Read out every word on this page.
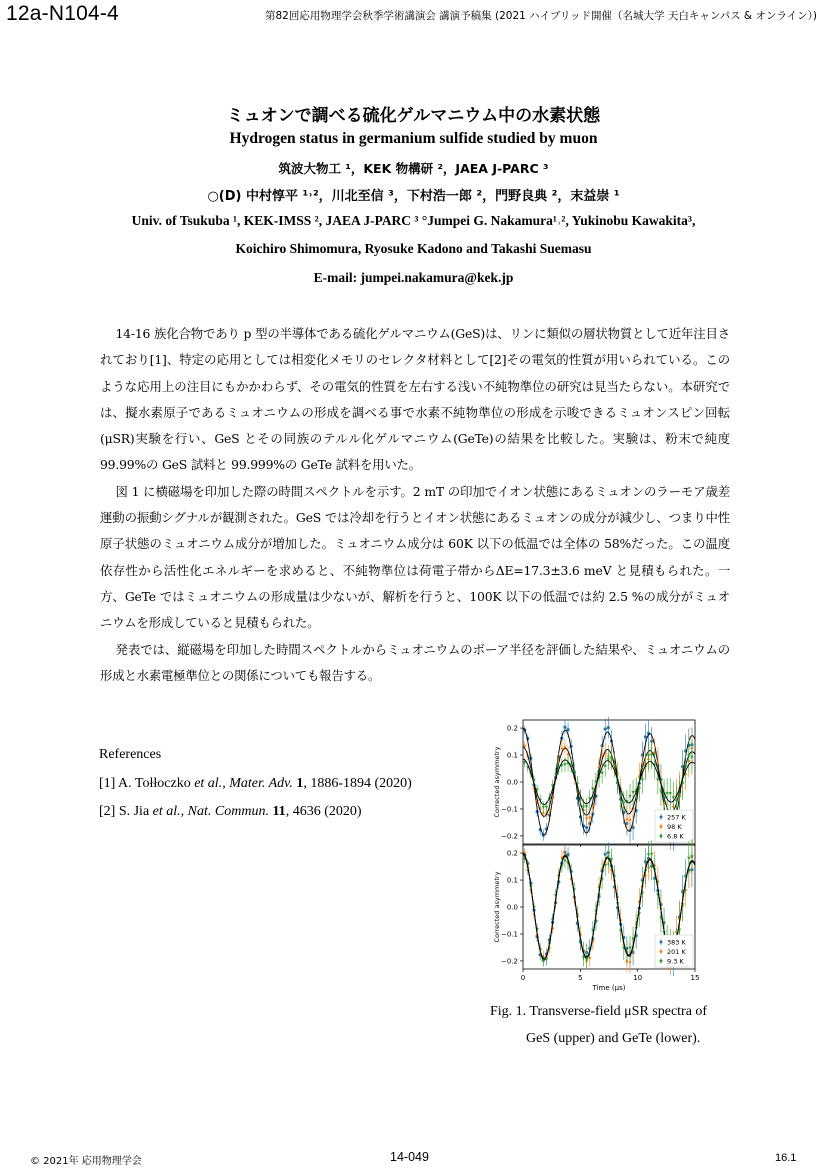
12a-N104-4	第82回応用物理学会秋季学術講演会 講演予稿集 (2021 ハイブリッド開催（名城大学 天白キャンパス & オンライン）)
ミュオンで調べる硫化ゲルマニウム中の水素状態
Hydrogen status in germanium sulfide studied by muon
筑波大物工 ¹，KEK 物構研 ²，JAEA J-PARC ³
○(D) 中村惇平 ¹˒²，川北至信 ³，下村浩一郎 ²，門野良典 ²，末益崇 ¹
Univ. of Tsukuba ¹, KEK-IMSS ², JAEA J-PARC ³ °Jumpei G. Nakamura¹˒², Yukinobu Kawakita³,
Koichiro Shimomura, Ryosuke Kadono and Takashi Suemasu
E-mail: jumpei.nakamura@kek.jp

14-16 族化合物であり p 型の半導体である硫化ゲルマニウム(GeS)は、リンに類似の層状物質として近年注目されており[1]、特定の応用としては相変化メモリのセレクタ材料として[2]その電気的性質が用いられている。このような応用上の注目にもかかわらず、その電気的性質を左右する浅い不純物準位の研究は見当たらない。本研究では、擬水素原子であるミュオニウムの形成を調べる事で水素不純物準位の形成を示唆できるミュオンスピン回転(μSR)実験を行い、GeS とその同族のテルル化ゲルマニウム(GeTe)の結果を比較した。実験は、粉末で純度 99.99%の GeS 試料と 99.999%の GeTe 試料を用いた。

図 1 に横磁場を印加した際の時間スペクトルを示す。2 mT の印加でイオン状態にあるミュオンのラーモア歳差運動の振動シグナルが観測された。GeS では冷却を行うとイオン状態にあるミュオンの成分が減少し、つまり中性原子状態のミュオニウム成分が増加した。ミュオニウム成分は 60K 以下の低温では全体の 58%だった。この温度依存性から活性化エネルギーを求めると、不純物準位は荷電子帯からΔE=17.3±3.6 meV と見積もられた。一方、GeTe ではミュオニウムの形成量は少ないが、解析を行うと、100K 以下の低温では約 2.5 %の成分がミュオニウムを形成していると見積もられた。

発表では、縦磁場を印加した時間スペクトルからミュオニウムのボーア半径を評価した結果や、ミュオニウムの形成と水素電極準位との関係についても報告する。

References
[1] A. Tołłoczko et al., Mater. Adv. 1, 1886-1894 (2020)
[2] S. Jia et al., Nat. Commun. 11, 4636 (2020)
0.2
0.1
0.0
−0.1
−0.2
Corrected asymmetry
257 K
98 K
6.8 K
0.2
0.1
0.0
−0.1
−0.2
0	5	10	15
Corrected asymmetry
Time (μs)
383 K
201 K
9.3 K
Fig. 1. Transverse-field μSR spectra of
GeS (upper) and GeTe (lower).
© 2021年 応用物理学会	14-049	16.1
